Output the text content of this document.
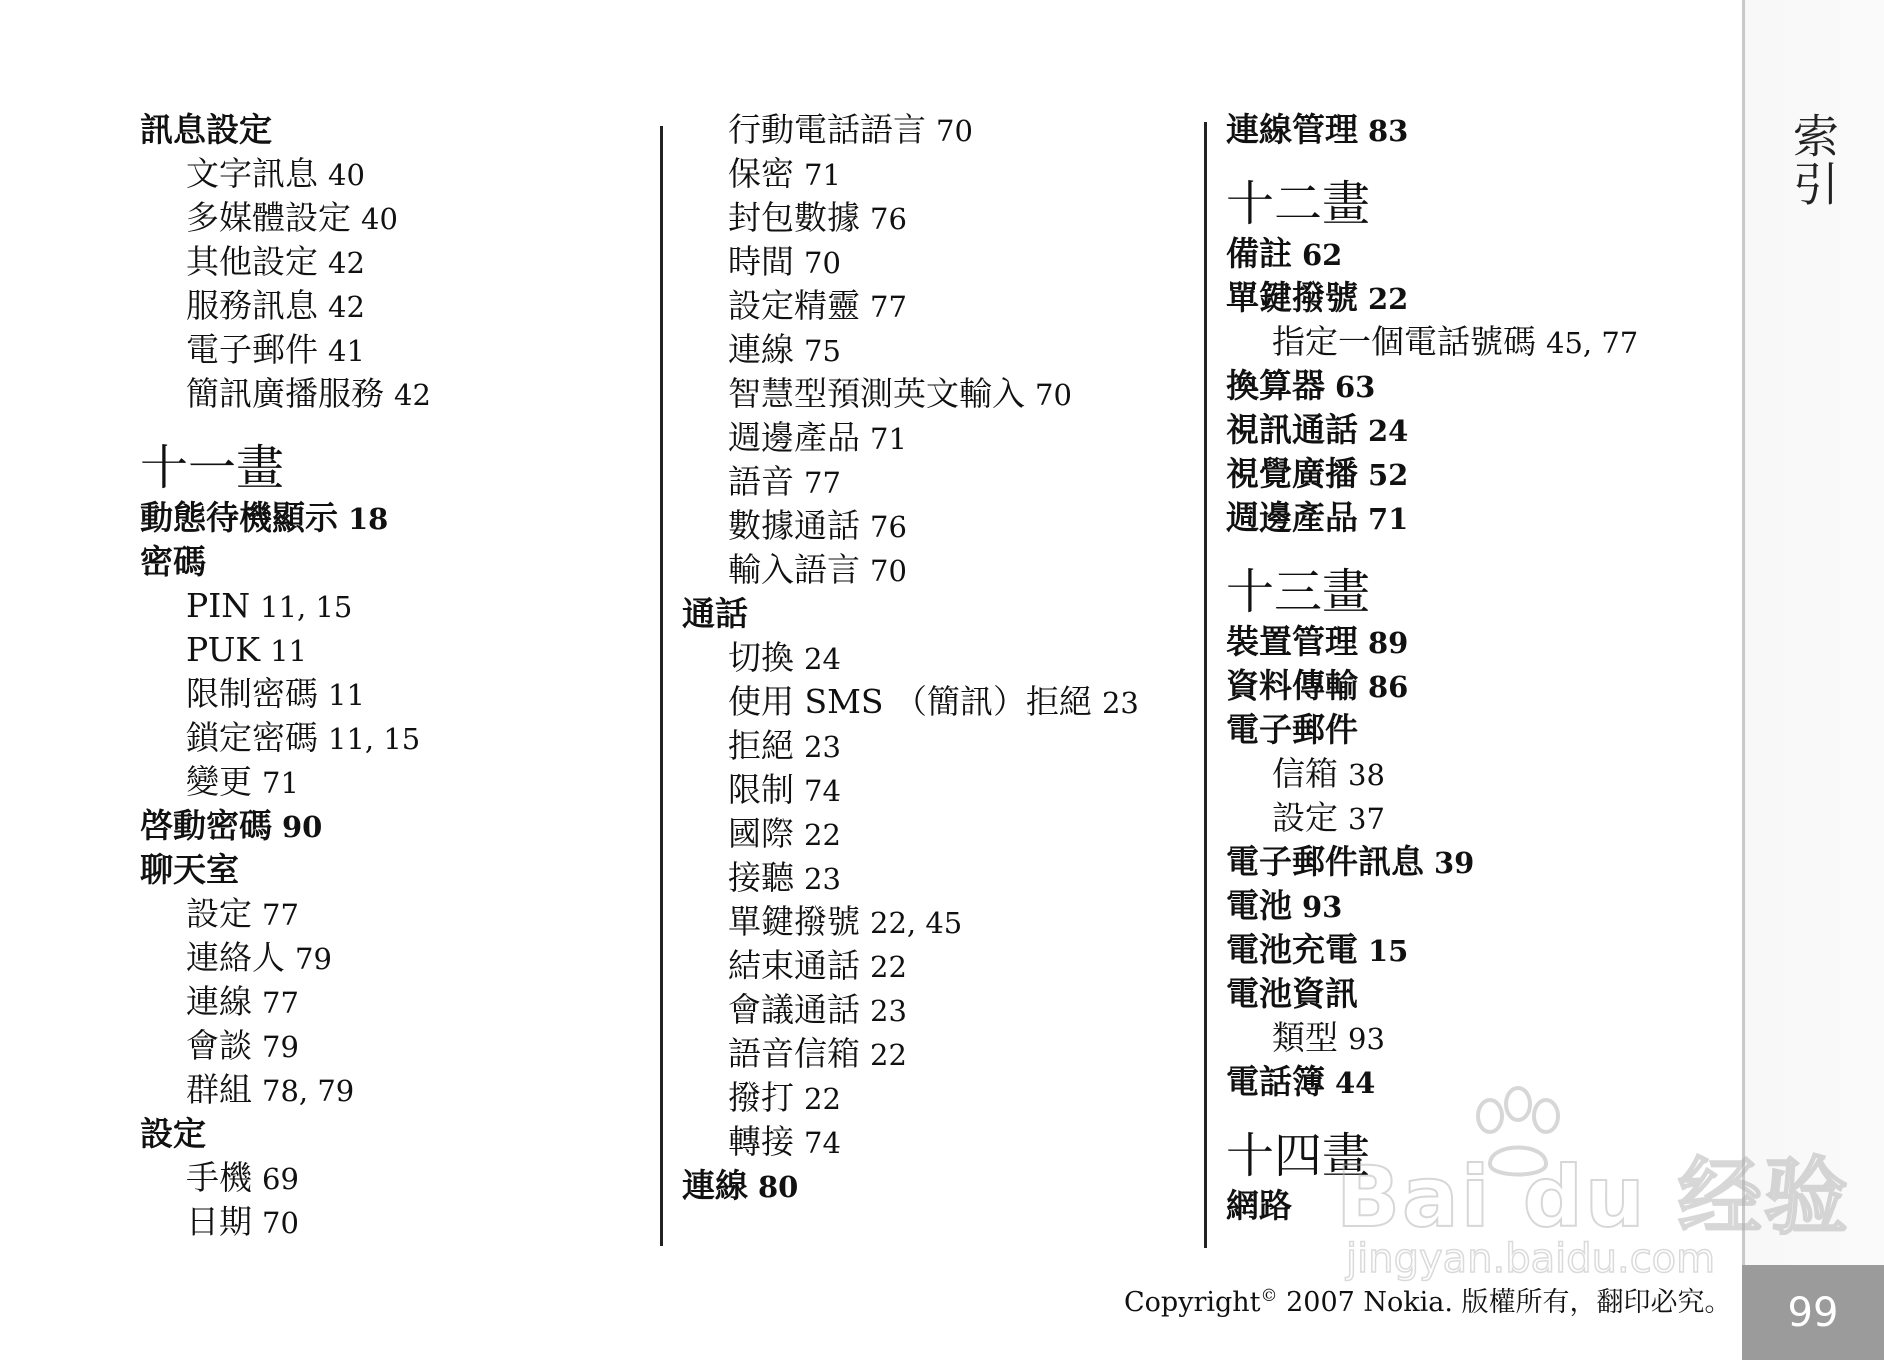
訊息設定
文字訊息 40
多媒體設定 40
其他設定 42
服務訊息 42
電子郵件 41
簡訊廣播服務 42
十一畫
動態待機顯示 18
密碼
PIN 11, 15
PUK 11
限制密碼 11
鎖定密碼 11, 15
變更 71
啓動密碼 90
聊天室
設定 77
連絡人 79
連線 77
會談 79
群組 78, 79
設定
手機 69
日期 70
行動電話語言 70
保密 71
封包數據 76
時間 70
設定精靈 77
連線 75
智慧型預測英文輸入 70
週邊產品 71
語音 77
數據通話 76
輸入語言 70
通話
切換 24
使用 SMS （簡訊）拒絕 23
拒絕 23
限制 74
國際 22
接聽 23
單鍵撥號 22, 45
結束通話 22
會議通話 23
語音信箱 22
撥打 22
轉接 74
連線 80
連線管理 83
十二畫
備註 62
單鍵撥號 22
指定一個電話號碼 45, 77
換算器 63
視訊通話 24
視覺廣播 52
週邊產品 71
十三畫
裝置管理 89
資料傳輸 86
電子郵件
信箱 38
設定 37
電子郵件訊息 39
電池 93
電池充電 15
電池資訊
類型 93
電話簿 44
十四畫
網路
索引
99
Copyright© 2007 Nokia. 版權所有，翻印必究。
